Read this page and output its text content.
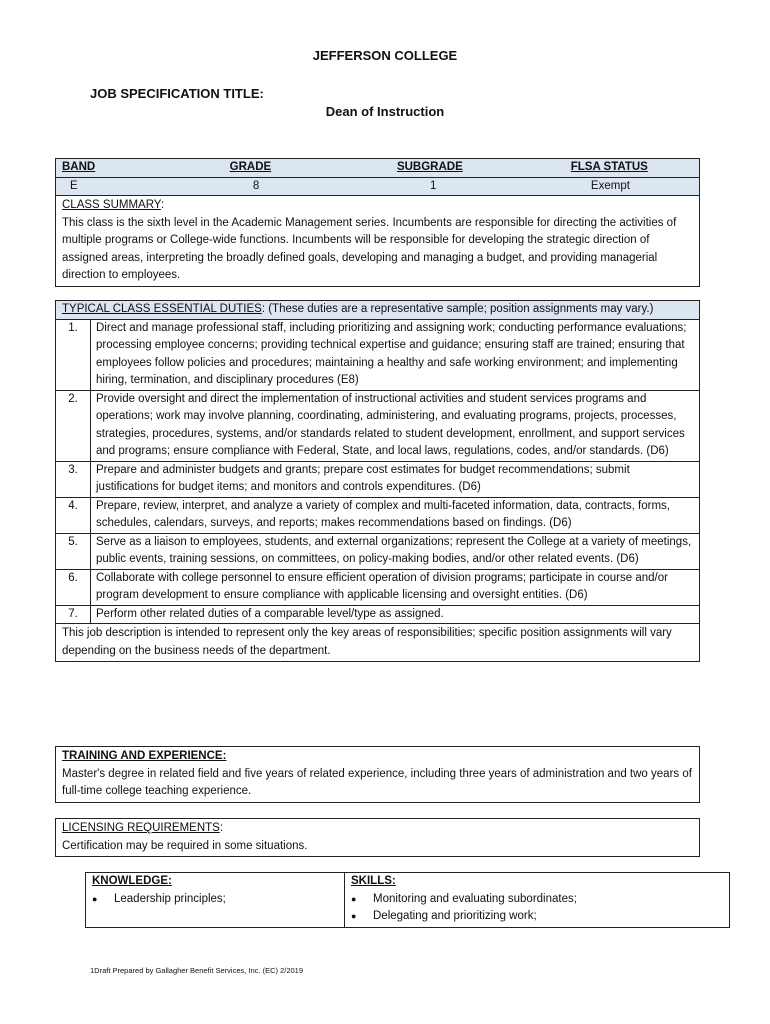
JEFFERSON COLLEGE
JOB SPECIFICATION TITLE:
Dean of Instruction
BAND	GRADE	SUBGRADE	FLSA STATUS
E	8	1	Exempt
CLASS SUMMARY:
This class is the sixth level in the Academic Management series. Incumbents are responsible for directing the activities of multiple programs or College-wide functions. Incumbents will be responsible for developing the strategic direction of assigned areas, interpreting the broadly defined goals, developing and managing a budget, and providing managerial direction to employees.
TYPICAL CLASS ESSENTIAL DUTIES: (These duties are a representative sample; position assignments may vary.)
1.	Direct and manage professional staff, including prioritizing and assigning work; conducting performance evaluations; processing employee concerns; providing technical expertise and guidance; ensuring staff are trained; ensuring that employees follow policies and procedures; maintaining a healthy and safe working environment; and implementing hiring, termination, and disciplinary procedures (E8)
2.	Provide oversight and direct the implementation of instructional activities and student services programs and operations; work may involve planning, coordinating, administering, and evaluating programs, projects, processes, strategies, procedures, systems, and/or standards related to student development, enrollment, and support services and programs; ensure compliance with Federal, State, and local laws, regulations, codes, and/or standards. (D6)
3.	Prepare and administer budgets and grants; prepare cost estimates for budget recommendations; submit justifications for budget items; and monitors and controls expenditures. (D6)
4.	Prepare, review, interpret, and analyze a variety of complex and multi-faceted information, data, contracts, forms, schedules, calendars, surveys, and reports; makes recommendations based on findings. (D6)
5.	Serve as a liaison to employees, students, and external organizations; represent the College at a variety of meetings, public events, training sessions, on committees, on policy-making bodies, and/or other related events. (D6)
6.	Collaborate with college personnel to ensure efficient operation of division programs; participate in course and/or program development to ensure compliance with applicable licensing and oversight entities. (D6)
7.	Perform other related duties of a comparable level/type as assigned.
This job description is intended to represent only the key areas of responsibilities; specific position assignments will vary depending on the business needs of the department.
TRAINING AND EXPERIENCE:
Master's degree in related field and five years of related experience, including three years of administration and two years of full-time college teaching experience.
LICENSING REQUIREMENTS:
Certification may be required in some situations.
KNOWLEDGE:
● Leadership principles;
SKILLS:
● Monitoring and evaluating subordinates;
● Delegating and prioritizing work;
1Draft Prepared by Gallagher Benefit Services, Inc. (EC) 2/2019
